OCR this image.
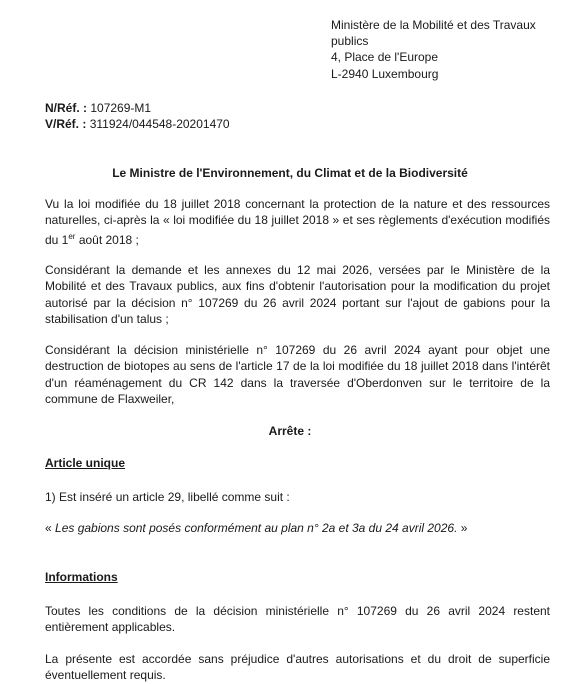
Ministère de la Mobilité et des Travaux
publics
4, Place de l'Europe
L-2940 Luxembourg
N/Réf. : 107269-M1
V/Réf. : 311924/044548-20201470
Le Ministre de l'Environnement, du Climat et de la Biodiversité

Vu la loi modifiée du 18 juillet 2018 concernant la protection de la nature et des ressources naturelles, ci-après la « loi modifiée du 18 juillet 2018 » et ses règlements d'exécution modifiés du 1er août 2018 ;

Considérant la demande et les annexes du 12 mai 2026, versées par le Ministère de la Mobilité et des Travaux publics, aux fins d'obtenir l'autorisation pour la modification du projet autorisé par la décision n° 107269 du 26 avril 2024 portant sur l'ajout de gabions pour la stabilisation d'un talus ;

Considérant la décision ministérielle n° 107269 du 26 avril 2024 ayant pour objet une destruction de biotopes au sens de l'article 17 de la loi modifiée du 18 juillet 2018 dans l'intérêt d'un réaménagement du CR 142 dans la traversée d'Oberdonven sur le territoire de la commune de Flaxweiler,

Arrête :
Article unique
1) Est inséré un article 29, libellé comme suit :
« Les gabions sont posés conformément au plan n° 2a et 3a du 24 avril 2026. »
Informations

Toutes les conditions de la décision ministérielle n° 107269 du 26 avril 2024 restent entièrement applicables.

La présente est accordée sans préjudice d'autres autorisations et du droit de superficie éventuellement requis.
